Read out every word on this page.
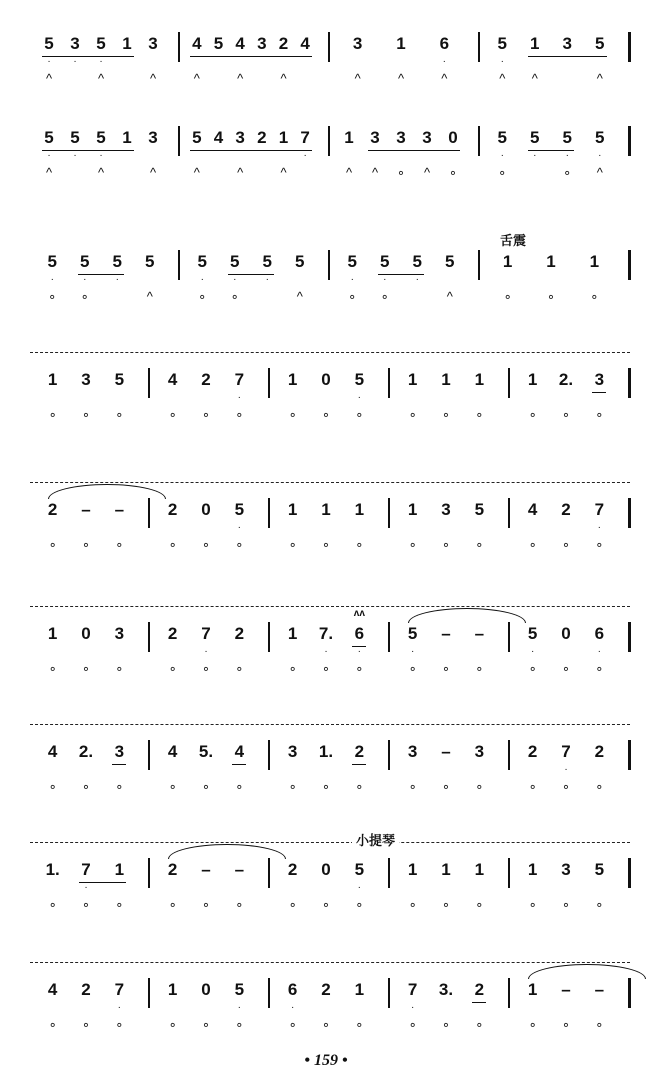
5
·
^
3
·
5
·
^
1 3
^
4
^
5 4
^
3 2
^
4	3
^
1
^
6
·
^
5
·
^
1
^
3 5
^
5
·
^
5
·
5
·
^
1 3
^
5
^
4 3
^
2 1
^
7
·
1
^
3
^
3
∘
3
^
0
∘
5
·
∘
5
·
5
·
∘
5
·
^
舌震
5
·
∘
5
·
∘
5
·
5
^
5
·
∘
5
·
∘
5
·
5
^
5
·
∘
5
·
∘
5
·
5
^
1
∘
1
∘
1
∘
1
∘
3
∘
5
∘
4
∘
2
∘
7
·
∘
1
∘
0
∘
5
·
∘
1
∘
1
∘
1
∘
1
∘
2.
∘
3
∘
2
∘
–
∘
–
∘
2
∘
0
∘
5
·
∘
1
∘
1
∘
1
∘
1
∘
3
∘
5
∘
4
∘
2
∘
7
·
∘
1
∘
0
∘
3
∘
2
∘
7
·
∘
2
∘
1
∘
7.
·
∘
6
·
∘
ʌʌ
5
·
∘
–
∘
–
∘
5
·
∘
0
∘
6
·
∘
4
∘
2.
∘
3
∘
4
∘
5.
∘
4
∘
3
∘
1.
∘
2
∘
3
∘
–
∘
3
∘
2
∘
7
·
∘
2
∘
小提琴
1.
∘
7
·
∘
1
∘
2
∘
–
∘
–
∘
2
∘
0
∘
5
·
∘
1
∘
1
∘
1
∘
1
∘
3
∘
5
∘
4
∘
2
∘
7
·
∘
1
∘
0
∘
5
·
∘
6
·
∘
2
∘
1
∘
7
·
∘
3.
∘
2
∘
1
∘
–
∘
–
∘
• 159 •
